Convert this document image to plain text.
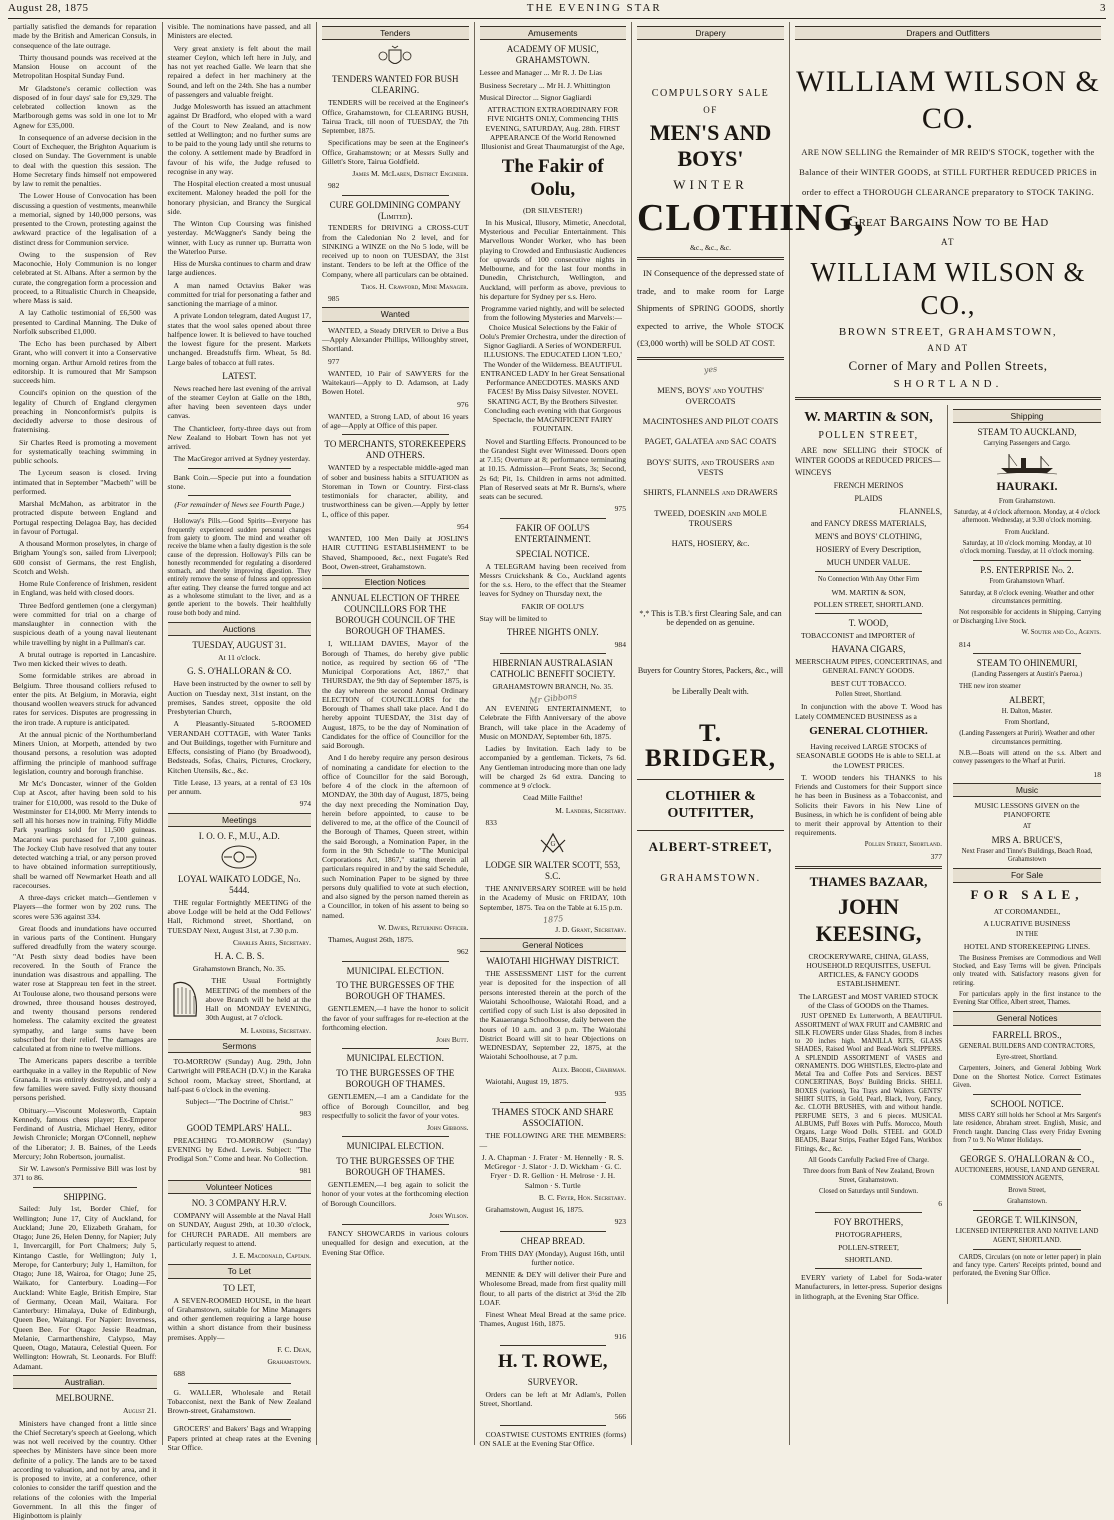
August 28, 1875	THE EVENING STAR	3

partially satisfied the demands for reparation made by the British and American Consuls, in consequence of the late outrage.

Thirty thousand pounds was received at the Mansion House on account of the Metropolitan Hospital Sunday Fund.

Mr Gladstone's ceramic collection was disposed of in four days' sale for £9,329. The celebrated collection known as the Marlborough gems was sold in one lot to Mr Agnew for £35,000.

In consequence of an adverse decision in the Court of Exchequer, the Brighton Aquarium is closed on Sunday. The Government is unable to deal with the question this session. The Home Secretary finds himself not empowered by law to remit the penalties.

The Lower House of Convocation has been discussing a question of vestments, meanwhile a memorial, signed by 140,000 persons, was presented to the Crown, protesting against the awkward practice of the legalisation of a distinct dress for Communion service.

Owing to the suspension of Rev Maconochie, Holy Communion is no longer celebrated at St. Albans. After a sermon by the curate, the congregation form a procession and proceed, to a Ritualistic Church in Cheapside, where Mass is said.

A lay Catholic testimonial of £6,500 was presented to Cardinal Manning. The Duke of Norfolk subscribed £1,000.

The Echo has been purchased by Albert Grant, who will convert it into a Conservative morning organ. Arthur Arnold retires from the editorship. It is rumoured that Mr Sampson succeeds him.

Council's opinion on the question of the legality of Church of England clergymen preaching in Nonconformist's pulpits is decidedly adverse to those desirous of fraternising.

Sir Charles Reed is promoting a movement for systematically teaching swimming in public schools.

The Lyceum season is closed. Irving intimated that in September "Macbeth" will be performed.

Marshal McMahon, as arbitrator in the protracted dispute between England and Portugal respecting Delagoa Bay, has decided in favour of Portugal.

A thousand Mormon proselytes, in charge of Brigham Young's son, sailed from Liverpool; 600 consist of Germans, the rest English, Scotch and Welsh.

Home Rule Conference of Irishmen, resident in England, was held with closed doors.

Three Bedford gentlemen (one a clergyman) were committed for trial on a charge of manslaughter in connection with the suspicious death of a young naval lieutenant while travelling by night in a Pullman's car.

A brutal outrage is reported in Lancashire. Two men kicked their wives to death.

Some formidable strikes are abroad in Belgium. Three thousand colliers refused to enter the pits. At Belgium, in Moravia, eight thousand woollen weavers struck for advanced rates for services. Disputes are progressing in the iron trade. A rupture is anticipated.

At the annual picnic of the Northumberland Miners Union, at Morpeth, attended by two thousand persons, a resolution was adopted affirming the principle of manhood suffrage legislation, country and borough franchise.

Mr Mc's Doncaster, winner of the Golden Cup at Ascot, after having been sold to his trainer for £10,000, was resold to the Duke of Westminster for £14,000. Mr Merry intends to sell all his horses now in training. Fifty Middle Park yearlings sold for 11,500 guineas. Macaroni was purchased for 7,100 guineas. The Jockey Club have resolved that any touter detected watching a trial, or any person proved to have obtained information surreptitiously, shall be warned off Newmarket Heath and all racecourses.

A three-days cricket match—Gentlemen v Players—the former won by 202 runs. The scores were 536 against 334.

Great floods and inundations have occurred in various parts of the Continent. Hungary suffered dreadfully from the watery scourge. "At Pesth sixty dead bodies have been recovered. In the South of France the inundation was disastrous and appalling. The water rose at Stappreau ten feet in the street. At Toulouse alone, two thousand persons were drowned, three thousand houses destroyed, and twenty thousand persons rendered homeless. The calamity excited the greatest sympathy, and large sums have been subscribed for their relief. The damages are calculated at from nine to twelve millions.

The Americans papers describe a terrible earthquake in a valley in the Republic of New Granada. It was entirely destroyed, and only a few families were saved. Fully sixty thousand persons perished.

Obituary.—Viscount Molesworth, Captain Kennedy, famous chess player; Ex-Emperor Ferdinand of Austria, Michael Henry, editor Jewish Chronicle; Morgan O'Connell, nephew of the Liberator; J. B. Baines, of the Leeds Mercury; John Robertson, journalist.

Sir W. Lawson's Permissive Bill was lost by 371 to 86.

SHIPPING.

Sailed: July 1st, Border Chief, for Wellington; June 17, City of Auckland, for Auckland; June 20, Elizabeth Graham, for Otago; June 26, Helen Denny, for Napier; July 1, Invercargill, for Port Chalmers; July 5, Kintango Castle, for Wellington; July 1, Merope, for Canterbury; July 1, Hamilton, for Otago; June 18, Wairoa, for Otago; June 25, Waikato, for Canterbury. Loading—For Auckland: White Eagle, British Empire, Star of Germany, Ocean Mail, Waitara. For Canterbury: Himalaya, Duke of Edinburgh, Queen Bee, Waitangi. For Napier: Inverness, Queen Bee. For Otago: Jessie Readman, Melanie, Carmarthenshire, Calypso, May Queen, Otago, Mataura, Celestial Queen. For Wellington: Howrah, St. Leonards. For Bluff: Adamant.

Australian.
MELBOURNE.

August 21.

Ministers have changed front a little since the Chief Secretary's speech at Geelong, which was not well received by the country. Other speeches by Ministers have since been more definite of a policy. The lands are to be taxed according to valuation, and not by area, and it is proposed to invite, at a conference, other colonies to consider the tariff question and the relations of the colonies with the Imperial Government. In all this the finger of Higinbottom is plainly

visible. The nominations have passed, and all Ministers are elected.

Very great anxiety is felt about the mail steamer Ceylon, which left here in July, and has not yet reached Galle. We learn that she repaired a defect in her machinery at the Sound, and left on the 24th. She has a number of passengers and valuable freight.

Judge Molesworth has issued an attachment against Dr Bradford, who eloped with a ward of the Court to New Zealand, and is now settled at Wellington; and no further sums are to be paid to the young lady until she returns to the colony. A settlement made by Bradford in favour of his wife, the Judge refused to recognise in any way.

The Hospital election created a most unusual excitement. Maloney headed the poll for the honorary physician, and Brancy the Surgical side.

The Winton Cup Coursing was finished yesterday. McWaggner's Sandy being the winner, with Lucy as runner up. Burratta won the Waterloo Purse.

Hiss de Murska continues to charm and draw large audiences.

A man named Octavius Baker was committed for trial for personating a father and sanctioning the marriage of a minor.

A private London telegram, dated August 17, states that the wool sales opened about three halfpence lower. It is believed to have touched the lowest figure for the present. Markets unchanged. Breadstuffs firm. Wheat, 5s 8d. Large bales of tobacco at full rates.

LATEST.

News reached here last evening of the arrival of the steamer Ceylon at Galle on the 18th, after having been seventeen days under canvas.

The Chanticleer, forty-three days out from New Zealand to Hobart Town has not yet arrived.

The MacGregor arrived at Sydney yesterday.

Bank Coin.—Specie put into a foundation stone.

(For remainder of News see Fourth Page.)

Holloway's Pills.—Good Spirits—Everyone has frequently experienced sudden personal changes from gaiety to gloom. The mind and weather oft receive the blame when a faulty digestion is the sole cause of the depression. Holloway's Pills can be honestly recommended for regulating a disordered stomach, and thereby improving digestion. They entirely remove the sense of fulness and oppression after eating. They cleanse the furred tongue and act as a wholesome stimulant to the liver, and as a gentle aperient to the bowels. Their healthfully rouse both body and mind.

Auctions
TUESDAY, AUGUST 31.

At 11 o'clock.

G. S. O'HALLORAN & CO.

Have been instructed by the owner to sell by Auction on Tuesday next, 31st instant, on the premises, Sandes street, opposite the old Presbyterian Church,

A Pleasantly-Situated 5-ROOMED VERANDAH COTTAGE, with Water Tanks and Out Buildings, together with Furniture and Effects, consisting of Piano (by Broadwood), Bedsteads, Sofas, Chairs, Pictures, Crockery, Kitchen Utensils, &c., &c.

Title Lease, 13 years, at a rental of £3 10s per annum.

974

Meetings
I. O. O. F., M.U., A.D.
LOYAL WAIKATO LODGE, No. 5444.

THE regular Fortnightly MEETING of the above Lodge will be held at the Odd Fellows' Hall, Richmond street, Shortland, on TUESDAY Next, August 31st, at 7.30 p.m.

Charles Aries, Secretary.

H. A. C. B. S.

Grahamstown Branch, No. 35.

THE Usual Fortnightly MEETING of the members of the above Branch will be held at the Hall on MONDAY EVENING, 30th August, at 7 o'clock.

M. Landers, Secretary.

Sermons

TO-MORROW (Sunday) Aug. 29th, John Cartwright will PREACH (D.V.) in the Karaka School room, Mackay street, Shortland, at half-past 6 o'clock in the evening.

Subject—"The Doctrine of Christ."

983

GOOD TEMPLARS' HALL.

PREACHING TO-MORROW (Sunday) EVENING by Edwd. Lewis. Subject: "The Prodigal Son." Come and hear. No Collection.

981

Volunteer Notices
NO. 3 COMPANY H.R.V.

COMPANY will Assemble at the Naval Hall on SUNDAY, August 29th, at 10.30 o'clock, for CHURCH PARADE. All members are particularly request to attend.

J. E. Macdonald, Captain.

To Let
TO LET,

A SEVEN-ROOMED HOUSE, in the heart of Grahamstown, suitable for Mine Managers and other gentlemen requiring a large house within a short distance from their business premises. Apply—

F. C. Dean,

Grahamstown.

688

G. WALLER, Wholesale and Retail Tobacconist, next the Bank of New Zealand Brown-street, Grahamstown.

GROCERS' and Bakers' Bags and Wrapping Papers printed at cheap rates at the Evening Star Office.

Tenders
TENDERS WANTED FOR BUSH CLEARING.

TENDERS will be received at the Engineer's Office, Grahamstown, for CLEARING BUSH, Tairua Track, till noon of TUESDAY, the 7th September, 1875.

Specifications may be seen at the Engineer's Office, Grahamstown; or at Messrs Sully and Gillett's Store, Tairua Goldfield.

James M. McLaren, District Engineer.

982

CURE GOLDMINING COMPANY (Limited).

TENDERS for DRIVING a CROSS-CUT from the Caledonian No 2 level, and for SINKING a WINZE on the No 5 lode, will be received up to noon on TUESDAY, the 31st instant. Tenders to be left at the Office of the Company, where all particulars can be obtained.

Thos. H. Crawford, Mine Manager.

985

Wanted

WANTED, a Steady DRIVER to Drive a Bus—Apply Alexander Phillips, Willoughby street, Shortland.

977

WANTED, 10 Pair of SAWYERS for the Waitekauri—Apply to D. Adamson, at Lady Bowen Hotel.

976

WANTED, a Strong LAD, of about 16 years of age—Apply at Office of this paper.

TO MERCHANTS, STOREKEEPERS AND OTHERS.

WANTED by a respectable middle-aged man of sober and business habits a SITUATION as Storeman in Town or Country. First-class testimonials for character, ability, and trustworthiness can be given.—Apply by letter L, office of this paper.

954

WANTED, 100 Men Daily at JOSLIN'S HAIR CUTTING ESTABLISHMENT to be Shaved, Shampooed, &c., next Fugate's Red Boot, Owen-street, Grahamstown.

Election Notices
ANNUAL ELECTION OF THREE COUNCILLORS FOR THE BOROUGH COUNCIL OF THE BOROUGH OF THAMES.

I, WILLIAM DAVIES, Mayor of the Borough of Thames, do hereby give public notice, as required by section 66 of "The Municipal Corporations Act, 1867," that THURSDAY, the 9th day of September 1875, is the day whereon the second Annual Ordinary ELECTION of COUNCILLORS for the Borough of Thames shall take place. And I do hereby appoint TUESDAY, the 31st day of August, 1875, to be the day of Nomination of Candidates for the office of Councillor for the said Borough.

And I do hereby require any person desirous of nominating a candidate for election to the office of Councillor for the said Borough, before 4 of the clock in the afternoon of MONDAY, the 30th day of August, 1875, being the day next preceding the Nomination Day, herein before appointed, to cause to be delivered to me, at the office of the Council of the Borough of Thames, Queen street, within the said Borough, a Nomination Paper, in the form in the 9th Schedule to "The Municipal Corporations Act, 1867," stating therein all particulars required in and by the said Schedule, such Nomination Paper to be signed by three persons duly qualified to vote at such election, and also signed by the person named therein as a Councillor, in token of his assent to being so named.

W. Davies, Returning Officer.

Thames, August 26th, 1875.

962

MUNICIPAL ELECTION.
TO THE BURGESSES OF THE BOROUGH OF THAMES.

GENTLEMEN,—I have the honor to solicit the favor of your suffrages for re-election at the forthcoming election.

John Butt.

MUNICIPAL ELECTION.
TO THE BURGESSES OF THE BOROUGH OF THAMES.

GENTLEMEN,—I am a Candidate for the office of Borough Councillor, and beg respectfully to solicit the favor of your votes.

John Gibbons.

MUNICIPAL ELECTION.
TO THE BURGESSES OF THE BOROUGH OF THAMES.

GENTLEMEN,—I beg again to solicit the honor of your votes at the forthcoming election of Borough Councillors.

John Wilson.

FANCY SHOWCARDS in various colours unequalled for design and execution, at the Evening Star Office.

Amusements
ACADEMY OF MUSIC, GRAHAMSTOWN.

Lessee and Manager ... Mr R. J. De Lias

Business Secretary ... Mr H. J. Whittington

Musical Director ... Signor Gagliardi

ATTRACTION EXTRAORDINARY FOR FIVE NIGHTS ONLY, Commencing THIS EVENING, SATURDAY, Aug. 28th. FIRST APPEARANCE Of the World Renowned Illusionist and Great Thaumaturgist of the Age,

The Fakir of Oolu,

(DR SILVESTER!)

In his Musical, Illusory, Mimetic, Anecdotal, Mysterious and Peculiar Entertainment. This Marvellous Wonder Worker, who has been playing to Crowded and Enthusiastic Audiences for upwards of 100 consecutive nights in Melbourne, and for the last four months in Dunedin, Christchurch, Wellington, and Auckland, will perform as above, previous to his departure for Sydney per s.s. Hero.

Programme varied nightly, and will be selected from the following Mysteries and Marvels:— Choice Musical Selections by the Fakir of Oolu's Premier Orchestra, under the direction of Signor Gagliardi. A Series of WONDERFUL ILLUSIONS. The EDUCATED LION 'LEO,' The Wonder of the Wilderness. BEAUTIFUL ENTRANCED LADY In her Great Sensational Performance ANECDOTES. MASKS AND FACES! By Miss Daisy Silvester. NOVEL SKATING ACT, By the Brothers Silvester. Concluding each evening with that Gorgeous Spectacle, the MAGNIFICENT FAIRY FOUNTAIN.

Novel and Startling Effects. Pronounced to be the Grandest Sight ever Witnessed. Doors open at 7.15; Overture at 8; performance terminating at 10.15. Admission—Front Seats, 3s; Second, 2s 6d; Pit, 1s. Children in arms not admitted. Plan of Reserved seats at Mr R. Burns's, where seats can be secured.

975

FAKIR OF OOLU'S ENTERTAINMENT.
SPECIAL NOTICE.

A TELEGRAM having been received from Messrs Cruickshank & Co., Auckland agents for the s.s. Hero, to the effect that the Steamer leaves for Sydney on Thursday next, the

FAKIR OF OOLU'S

Stay will be limited to

THREE NIGHTS ONLY.

984

HIBERNIAN AUSTRALASIAN CATHOLIC BENEFIT SOCIETY.

GRAHAMSTOWN BRANCH, No. 35.

Mr Gibbons

AN EVENING ENTERTAINMENT, to Celebrate the Fifth Anniversary of the above Branch, will take place in the Academy of Music on MONDAY, September 6th, 1875.

Ladies by Invitation. Each lady to be accompanied by a gentleman. Tickets, 7s 6d. Any Gentleman introducing more than one lady will be charged 2s 6d extra. Dancing to commence at 9 o'clock.

Cead Mille Failthe!

M. Landers, Secretary.

833

G
LODGE SIR WALTER SCOTT, 553, S.C.

THE ANNIVERSARY SOIREE will be held in the Academy of Music on FRIDAY, 10th September, 1875. Tea on the Table at 6.15 p.m.

1875

J. D. Grant, Secretary.

General Notices
WAIOTAHI HIGHWAY DISTRICT.

THE ASSESSMENT LIST for the current year is deposited for the inspection of all persons interested therein at the porch of the Waiotahi Schoolhouse, Waiotahi Road, and a certified copy of such List is also deposited in the Kauaeranga Schoolhouse, daily between the hours of 10 a.m. and 3 p.m. The Waiotahi District Board will sit to hear Objections on WEDNESDAY, September 22, 1875, at the Waiotahi Schoolhouse, at 7 p.m.

Alex. Brodie, Chairman.

Waiotahi, August 19, 1875.

935

THAMES STOCK AND SHARE ASSOCIATION.

THE FOLLOWING ARE THE MEMBERS:—

J. A. Chapman · J. Frater · M. Hennelly · R. S. McGregor · J. Slator · J. D. Wickham · G. C. Fryer · D. R. Gellion · H. Melrose · J. H. Salmon · S. Turtle

B. C. Fryer, Hon. Secretary.

Grahamstown, August 16, 1875.

923

CHEAP BREAD.

From THIS DAY (Monday), August 16th, until further notice.

MENNIE & DEY will deliver their Pure and Wholesome Bread, made from first quality mill flour, to all parts of the district at 3½d the 2lb LOAF.

Finest Wheat Meal Bread at the same price. Thames, August 16th, 1875.

916

H. T. ROWE,
SURVEYOR.

Orders can be left at Mr Adlam's, Pollen Street, Shortland.

566

COASTWISE CUSTOMS ENTRIES (forms) ON SALE at the Evening Star Office.

Drapery
COMPULSORY SALE
OF
MEN'S AND BOYS'
WINTER
CLOTHING,

&c., &c., &c.

IN Consequence of the depressed state of trade, and to make room for Large Shipments of SPRING GOODS, shortly expected to arrive, the Whole STOCK (£3,000 worth) will be SOLD AT COST.

yes
MEN'S, BOYS' and YOUTHS' OVERCOATS
MACINTOSHES AND PILOT COATS
PAGET, GALATEA and SAC COATS
BOYS' SUITS, and TROUSERS and VESTS
SHIRTS, FLANNELS and DRAWERS
TWEED, DOESKIN and MOLE TROUSERS
HATS, HOSIERY, &c.

*,* This is T.B.'s first Clearing Sale, and can be depended on as genuine.

Buyers for Country Stores, Packers, &c., will be Liberally Dealt with.

T. BRIDGER,
CLOTHIER & OUTFITTER,
ALBERT-STREET,
GRAHAMSTOWN.
Drapers and Outfitters
WILLIAM WILSON & CO.

ARE NOW SELLING the Remainder of MR REID'S STOCK, together with the Balance of their WINTER GOODS, at STILL FURTHER REDUCED PRICES in order to effect a THOROUGH CLEARANCE preparatory to STOCK TAKING.

Great Bargains Now to be Had
AT
WILLIAM WILSON & CO.,
BROWN STREET, GRAHAMSTOWN,
AND AT
Corner of Mary and Pollen Streets,
SHORTLAND.
W. MARTIN & SON,
POLLEN STREET,

ARE now SELLING their STOCK of WINTER GOODS at REDUCED PRICES—

WINCEYS

FRENCH MERINOS

PLAIDS

FLANNELS,

and FANCY DRESS MATERIALS,

MEN'S and BOYS' CLOTHING,

HOSIERY of Every Description,

MUCH UNDER VALUE.

No Connection With Any Other Firm

WM. MARTIN & SON,

POLLEN STREET, SHORTLAND.

T. WOOD,

TOBACCONIST and IMPORTER of

HAVANA CIGARS,

MEERSCHAUM PIPES, CONCERTINAS, and GENERAL FANCY GOODS.

BEST CUT TOBACCO.

Pollen Street, Shortland.

In conjunction with the above T. Wood has Lately COMMENCED BUSINESS as a

GENERAL CLOTHIER.

Having received LARGE STOCKS of SEASONABLE GOODS He is able to SELL at the LOWEST PRICES.

T. WOOD tenders his THANKS to his Friends and Customers for their Support since he has been in Business as a Tobacconist, and Solicits their Favors in his New Line of Business, in which he is confident of being able to merit their approval by Attention to their requirements.

Pollen Street, Shortland.

377

THAMES BAZAAR,
JOHN KEESING,

CROCKERYWARE, CHINA, GLASS, HOUSEHOLD REQUISITES, USEFUL ARTICLES, & FANCY GOODS ESTABLISHMENT.

The LARGEST and MOST VARIED STOCK of the Class of GOODS on the Thames.

JUST OPENED Ex Lutterworth, A BEAUTIFUL ASSORTMENT of WAX FRUIT and CAMBRIC and SILK FLOWERS under Glass Shades, from 8 inches to 20 inches high. MANILLA KITS, GLASS SHADES, Raised Wool and Bead-Work SLIPPERS. A SPLENDID ASSORTMENT of VASES and ORNAMENTS. DOG WHISTLES, Electro-plate and Metal Tea and Coffee Pots and Services. BEST CONCERTINAS, Boys' Building Bricks. SHELL BOXES (various), Tea Trays and Waiters. GENTS' SHIRT SUITS, in Gold, Pearl, Black, Ivory, Fancy, &c. CLOTH BRUSHES, with and without handle. PERFUME SETS, 3 and 6 pieces. MUSICAL ALBUMS, Puff Boxes with Puffs. Morocco, Mouth Organs, Large Wood Dolls. STEEL and GOLD BEADS, Bazar Strips, Feather Edged Fans, Workbox Fittings, &c., &c.

All Goods Carefully Packed Free of Charge.

Three doors from Bank of New Zealand, Brown Street, Grahamstown.

Closed on Saturdays until Sundown.

6

FOY BROTHERS,

PHOTOGRAPHERS,

POLLEN-STREET,

SHORTLAND.

EVERY variety of Label for Soda-water Manufacturers, in letter-press. Superior designs in lithograph, at the Evening Star Office.

Shipping
STEAM TO AUCKLAND,

Carrying Passengers and Cargo.

HAURAKI.

From Grahamstown.

Saturday, at 4 o'clock afternoon. Monday, at 4 o'clock afternoon. Wednesday, at 9.30 o'clock morning.

From Auckland.

Saturday, at 10 o'clock morning. Monday, at 10 o'clock morning. Tuesday, at 11 o'clock morning.

P.S. ENTERPRISE No. 2.

From Grahamstown Wharf.

Saturday, at 8 o'clock evening. Weather and other circumstances permitting.

Not responsible for accidents in Shipping, Carrying or Discharging Live Stock.

W. Souter and Co., Agents.

814

STEAM TO OHINEMURI,

(Landing Passengers at Austin's Paeroa.)

THE new iron steamer

ALBERT,

H. Dalton, Master.

From Shortland,

(Landing Passengers at Puriri). Weather and other circumstances permitting.

N.B.—Boats will attend on the s.s. Albert and convey passengers to the Wharf at Puriri.

18

Music

MUSIC LESSONS GIVEN on the PIANOFORTE

AT

MRS A. BRUCE'S,

Next Fraser and Tinne's Buildings, Beach Road, Grahamstown

For Sale
FOR SALE,

AT COROMANDEL,

A LUCRATIVE BUSINESS

IN THE

HOTEL AND STOREKEEPING LINES.

The Business Premises are Commodious and Well Stocked, and Easy Terms will be given. Principals only treated with. Satisfactory reasons given for retiring.

For particulars apply in the first instance to the Evening Star Office, Albert street, Thames.

General Notices
FARRELL BROS.,

GENERAL BUILDERS AND CONTRACTORS,

Eyre-street, Shortland.

Carpenters, Joiners, and General Jobbing Work Done on the Shortest Notice. Correct Estimates Given.

SCHOOL NOTICE.

MISS CARY still holds her School at Mrs Sargent's late residence, Abraham street. English, Music, and French taught. Dancing Class every Friday Evening from 7 to 9. No Winter Holidays.

GEORGE S. O'HALLORAN & CO.,

AUCTIONEERS, HOUSE, LAND AND GENERAL COMMISSION AGENTS,

Brown Street,

Grahamstown.

GEORGE T. WILKINSON,

LICENSED INTERPRETER AND NATIVE LAND AGENT, SHORTLAND.

CARDS, Circulars (on note or letter paper) in plain and fancy type. Carters' Receipts printed, bound and perforated, the Evening Star Office.
